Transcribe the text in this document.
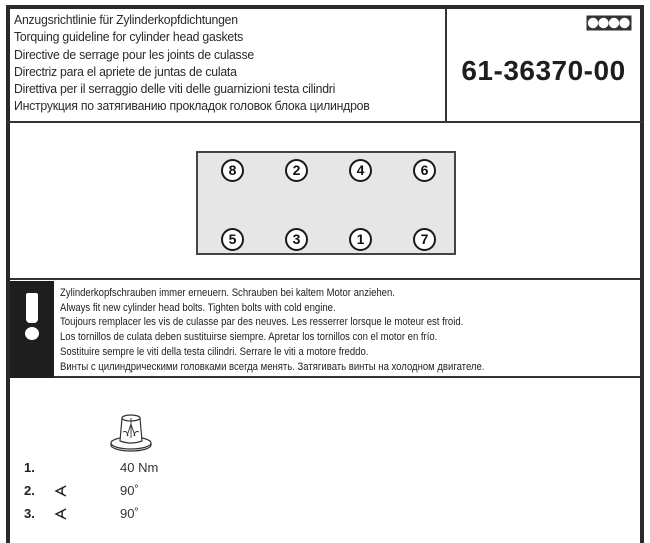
Anzugsrichtlinie für Zylinderkopfdichtungen
Torquing guideline for cylinder head gaskets
Directive de serrage pour les joints de culasse
Directriz para el apriete de juntas de culata
Direttiva per il serraggio delle viti delle guarnizioni testa cilindri
Инструкция по затягиванию прокладок головок блока цилиндров
61-36370-00
8	2	4	6
5	3	1	7
Zylinderkopfschrauben immer erneuern. Schrauben bei kaltem Motor anziehen.
Always fit new cylinder head bolts. Tighten bolts with cold engine.
Toujours remplacer les vis de culasse par des neuves. Les resserrer lorsque le moteur est froid.
Los tornillos de culata deben sustituirse siempre. Apretar los tornillos con el motor en frío.
Sostituire sempre le viti della testa cilindri. Serrare le viti a motore freddo.
Винты с цилиндрическими головками всегда менять. Затягивать винты на холодном двигателе.
1.	40 Nm
2.	90˚
3.	90˚
